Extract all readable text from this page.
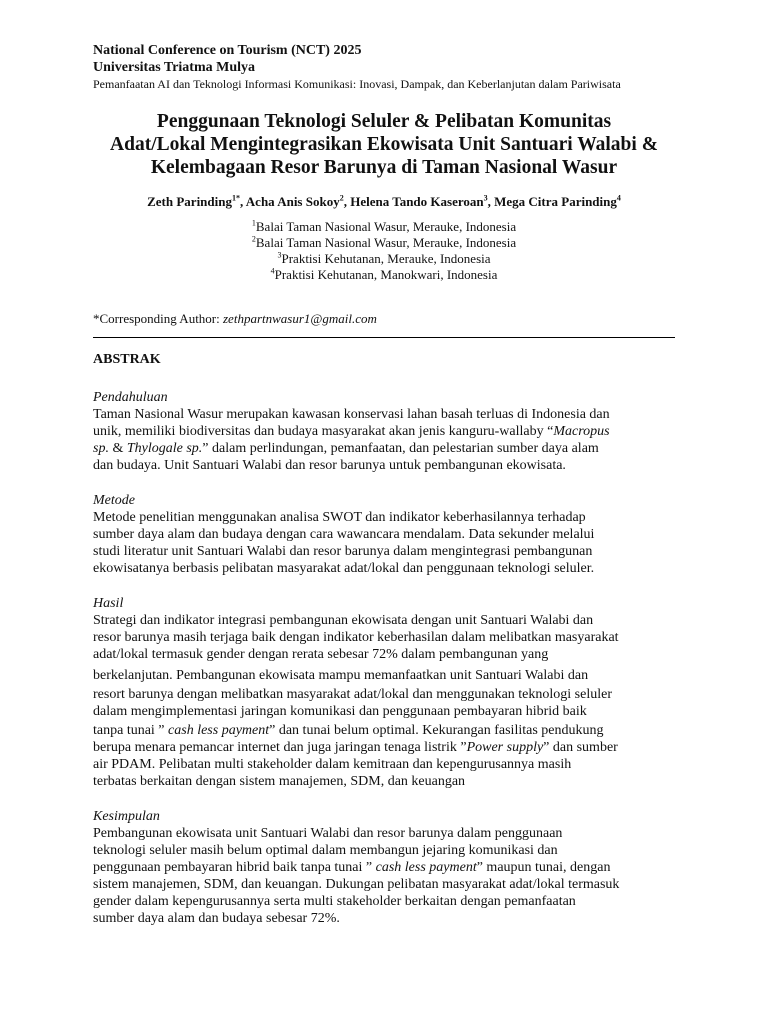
National Conference on Tourism (NCT) 2025
Universitas Triatma Mulya
Pemanfaatan AI dan Teknologi Informasi Komunikasi: Inovasi, Dampak, dan Keberlanjutan dalam Pariwisata
Penggunaan Teknologi Seluler & Pelibatan Komunitas
Adat/Lokal Mengintegrasikan Ekowisata Unit Santuari Walabi &
Kelembagaan Resor Barunya di Taman Nasional Wasur
Zeth Parinding$^{1*}$, Acha Anis Sokoy$^2$, Helena Tando Kaseroan$^3$, Mega Citra Parinding$^4$
$^1$Balai Taman Nasional Wasur, Merauke, Indonesia
$^2$Balai Taman Nasional Wasur, Merauke, Indonesia
$^3$Praktisi Kehutanan, Merauke, Indonesia
$^4$Praktisi Kehutanan, Manokwari, Indonesia
*Corresponding Author: zethpartnwasur1@gmail.com
ABSTRAK
Pendahuluan
Taman Nasional Wasur merupakan kawasan konservasi lahan basah terluas di Indonesia dan
unik, memiliki biodiversitas dan budaya masyarakat akan jenis kanguru-wallaby “Macropus
sp. & Thylogale sp.” dalam perlindungan, pemanfaatan, dan pelestarian sumber daya alam
dan budaya. Unit Santuari Walabi dan resor barunya untuk pembangunan ekowisata.
Metode
Metode penelitian menggunakan analisa SWOT dan indikator keberhasilannya terhadap
sumber daya alam dan budaya dengan cara wawancara mendalam. Data sekunder melalui
studi literatur unit Santuari Walabi dan resor barunya dalam mengintegrasi pembangunan
ekowisatanya berbasis pelibatan masyarakat adat/lokal dan penggunaan teknologi seluler.
Hasil
Strategi dan indikator integrasi pembangunan ekowisata dengan unit Santuari Walabi dan
resor barunya masih terjaga baik dengan indikator keberhasilan dalam melibatkan masyarakat
adat/lokal termasuk gender dengan rerata sebesar 72% dalam pembangunan yang
berkelanjutan. Pembangunan ekowisata mampu memanfaatkan unit Santuari Walabi dan
resort barunya dengan melibatkan masyarakat adat/lokal dan menggunakan teknologi seluler
dalam mengimplementasi jaringan komunikasi dan penggunaan pembayaran hibrid baik
tanpa tunai ” cash less payment” dan tunai belum optimal. Kekurangan fasilitas pendukung
berupa menara pemancar internet dan juga jaringan tenaga listrik ”Power supply” dan sumber
air PDAM. Pelibatan multi stakeholder dalam kemitraan dan kepengurusannya masih
terbatas berkaitan dengan sistem manajemen, SDM, dan keuangan
Kesimpulan
Pembangunan ekowisata unit Santuari Walabi dan resor barunya dalam penggunaan
teknologi seluler masih belum optimal dalam membangun jejaring komunikasi dan
penggunaan pembayaran hibrid baik tanpa tunai ” cash less payment” maupun tunai, dengan
sistem manajemen, SDM, dan keuangan. Dukungan pelibatan masyarakat adat/lokal termasuk
gender dalam kepengurusannya serta multi stakeholder berkaitan dengan pemanfaatan
sumber daya alam dan budaya sebesar 72%.
